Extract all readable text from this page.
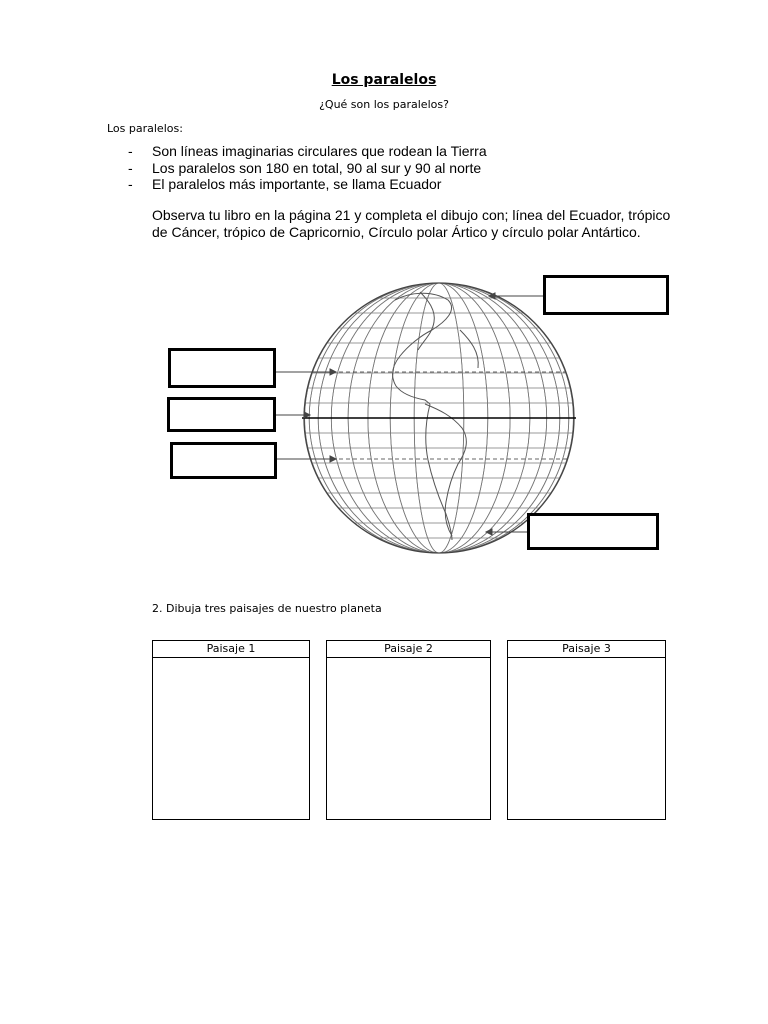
Los paralelos
¿Qué son los paralelos?
Los paralelos:
- Son líneas imaginarias circulares que rodean la Tierra
- Los paralelos son 180 en total, 90 al sur y 90 al norte
- El paralelos más importante, se llama Ecuador
Observa tu libro en la página 21 y completa el dibujo con; línea del Ecuador, trópico de Cáncer, trópico de Capricornio, Círculo polar Ártico y círculo polar Antártico.
2. Dibuja tres paisajes de nuestro planeta
Paisaje 1	Paisaje 2	Paisaje 3
